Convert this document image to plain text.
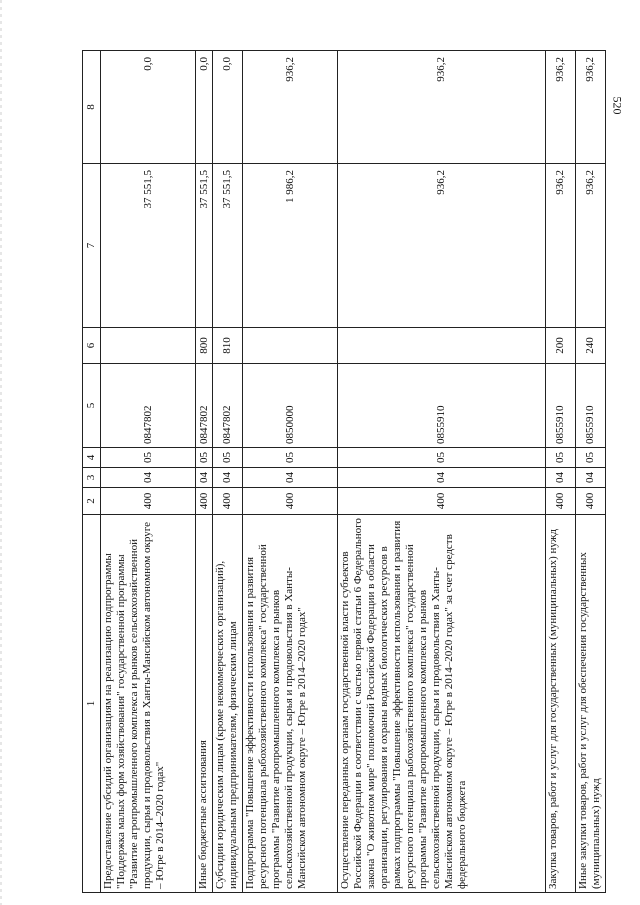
520
1	2	3	4	5	6	7	8
Предоставление субсидий организациям на реализацию подпрограммы "Поддержка малых форм хозяйствования" государственной программы "Развитие агропромышленного комплекса и рынков сельскохозяйственной продукции, сырья и продовольствия в Ханты-Мансийском автономном округе – Югре в 2014–2020 годах"	400	04	05	0847802		37 551,5	0,0
Иные бюджетные ассигнования	400	04	05	0847802	800	37 551,5	0,0
Субсидии юридическим лицам (кроме некоммерческих организаций), индивидуальным предпринимателям, физическим лицам	400	04	05	0847802	810	37 551,5	0,0
Подпрограмма "Повышение эффективности использования и развития ресурсного потенциала рыбохозяйственного комплекса" государственной программы "Развитие агропромышленного комплекса и рынков сельскохозяйственной продукции, сырья и продовольствия в Ханты-Мансийском автономном округе – Югре в 2014–2020 годах"	400	04	05	0850000		1 986,2	936,2
Осуществление переданных органам государственной власти субъектов Российской Федерации в соответствии с частью первой статьи 6 Федерального закона "О животном мире" полномочий Российской Федерации в области организации, регулирования и охраны водных биологических ресурсов в рамках подпрограммы "Повышение эффективности использования и развития ресурсного потенциала рыбохозяйственного комплекса" государственной программы "Развитие агропромышленного комплекса и рынков сельскохозяйственной продукции, сырья и продовольствия в Ханты-Мансийском автономном округе – Югре в 2014–2020 годах" за счет средств федерального бюджета	400	04	05	0855910		936,2	936,2
Закупка товаров, работ и услуг для государственных (муниципальных) нужд	400	04	05	0855910	200	936,2	936,2
Иные закупки товаров, работ и услуг для обеспечения государственных (муниципальных) нужд	400	04	05	0855910	240	936,2	936,2
